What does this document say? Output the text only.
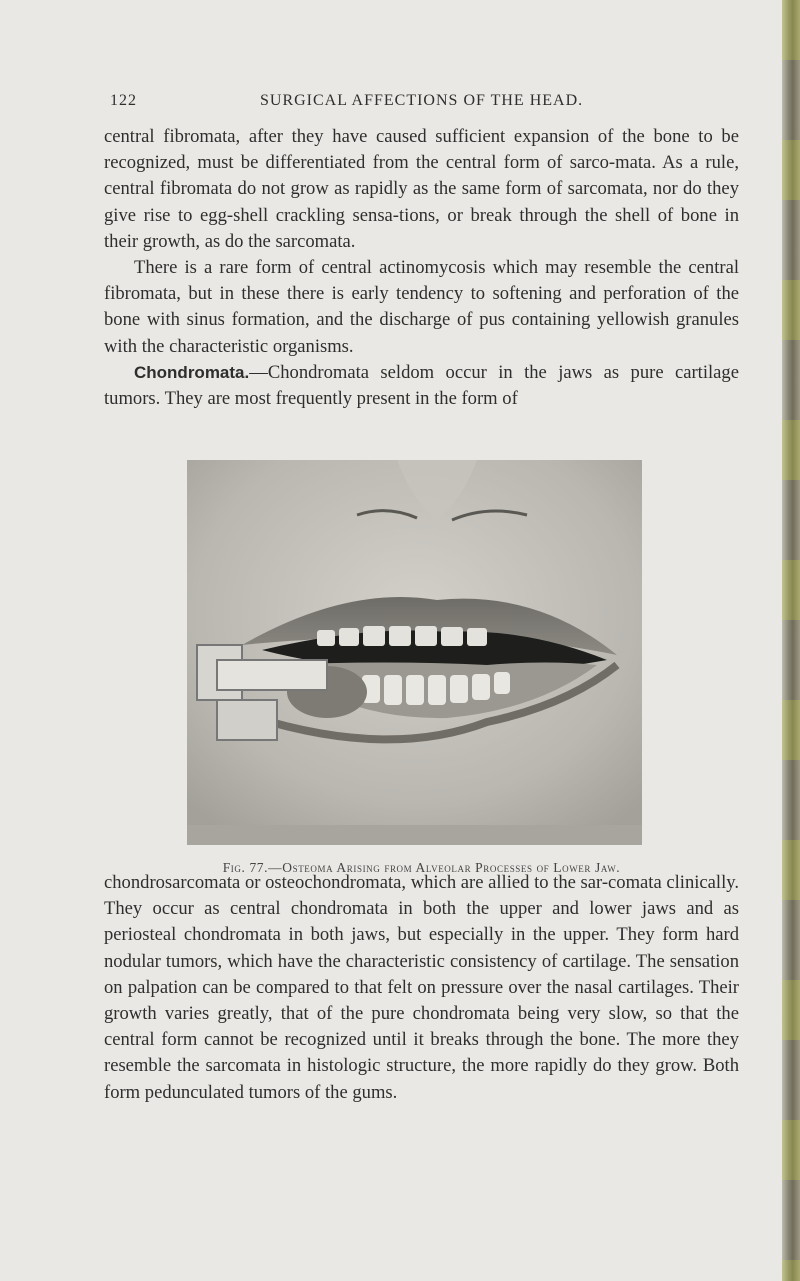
122	SURGICAL AFFECTIONS OF THE HEAD.

central fibromata, after they have caused sufficient expansion of the bone to be recognized, must be differentiated from the central form of sarco-mata. As a rule, central fibromata do not grow as rapidly as the same form of sarcomata, nor do they give rise to egg-shell crackling sensa-tions, or break through the shell of bone in their growth, as do the sarcomata.

There is a rare form of central actinomycosis which may resemble the central fibromata, but in these there is early tendency to softening and perforation of the bone with sinus formation, and the discharge of pus containing yellowish granules with the characteristic organisms.

Chondromata.—Chondromata seldom occur in the jaws as pure cartilage tumors. They are most frequently present in the form of

Fig. 77.—Osteoma Arising from Alveolar Processes of Lower Jaw.

chondrosarcomata or osteochondromata, which are allied to the sar-comata clinically. They occur as central chondromata in both the upper and lower jaws and as periosteal chondromata in both jaws, but especially in the upper. They form hard nodular tumors, which have the characteristic consistency of cartilage. The sensation on palpation can be compared to that felt on pressure over the nasal cartilages. Their growth varies greatly, that of the pure chondromata being very slow, so that the central form cannot be recognized until it breaks through the bone. The more they resemble the sarcomata in histologic structure, the more rapidly do they grow. Both form pedunculated tumors of the gums.
